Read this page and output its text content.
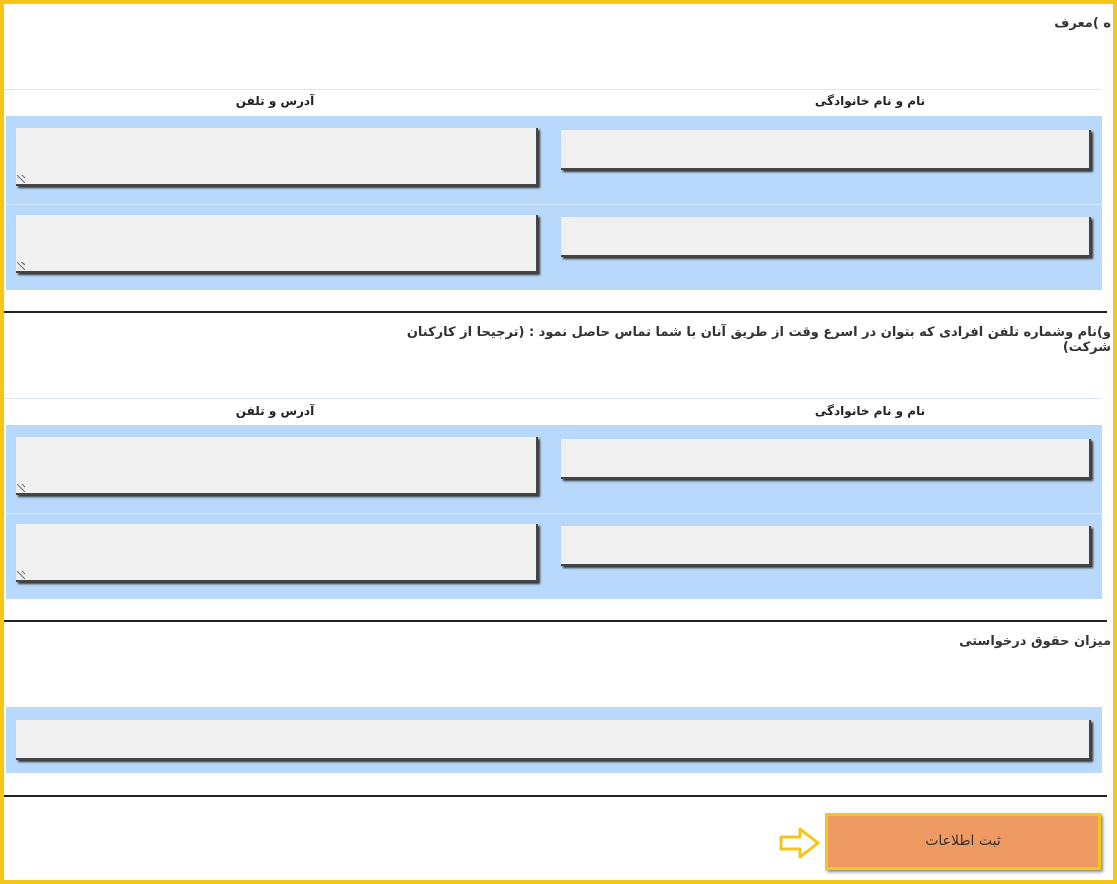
ه )معرف
نام و نام خانوادگی
آدرس و تلفن
و)نام وشماره تلفن افرادی که بتوان در اسرع وقت از طریق آنان با شما تماس حاصل نمود : (ترجیحا از کارکنان شرکت)
نام و نام خانوادگی
آدرس و تلفن
میزان حقوق درخواستی
ثبت اطلاعات
